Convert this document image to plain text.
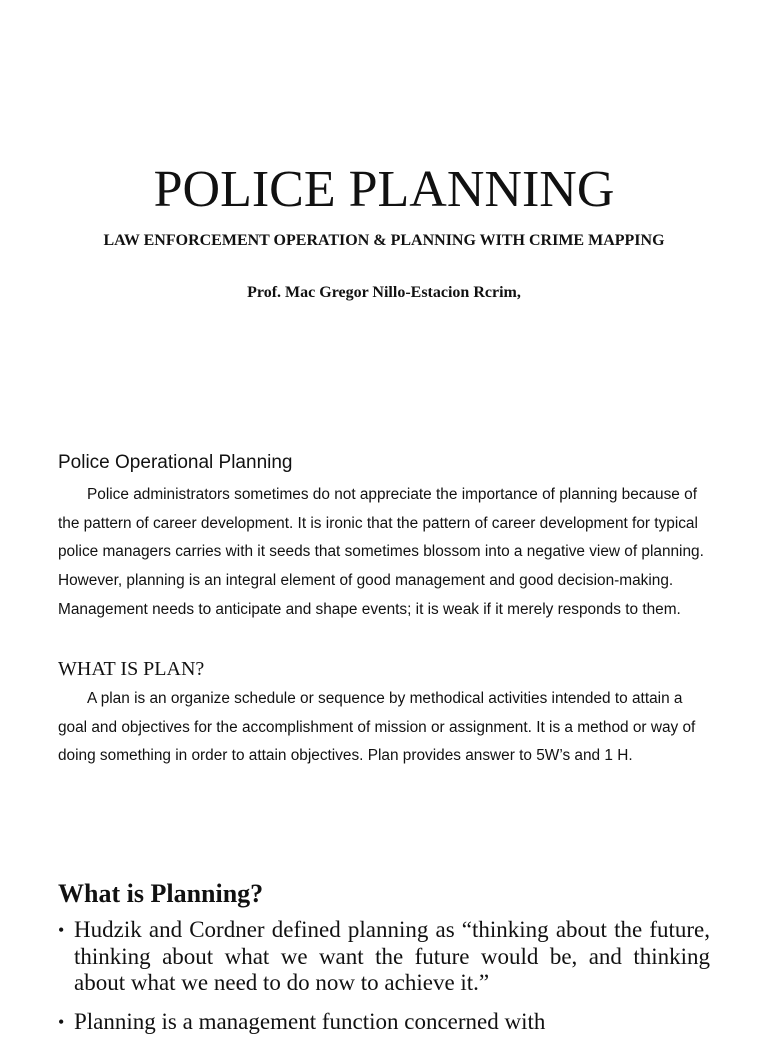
POLICE PLANNING

LAW ENFORCEMENT OPERATION & PLANNING WITH CRIME MAPPING

Prof. Mac Gregor Nillo-Estacion Rcrim,

Police Operational Planning

Police administrators sometimes do not appreciate the importance of planning because of the pattern of career development. It is ironic that the pattern of career development for typical police managers carries with it seeds that sometimes blossom into a negative view of planning. However, planning is an integral element of good management and good decision-making. Management needs to anticipate and shape events; it is weak if it merely responds to them.

WHAT IS PLAN?

A plan is an organize schedule or sequence by methodical activities intended to attain a goal and objectives for the accomplishment of mission or assignment. It is a method or way of doing something in order to attain objectives. Plan provides answer to 5W’s and 1 H.

What is Planning?
• Hudzik and Cordner defined planning as “thinking about the future, thinking about what we want the future would be, and thinking about what we need to do now to achieve it.”
• Planning is a management function concerned with
